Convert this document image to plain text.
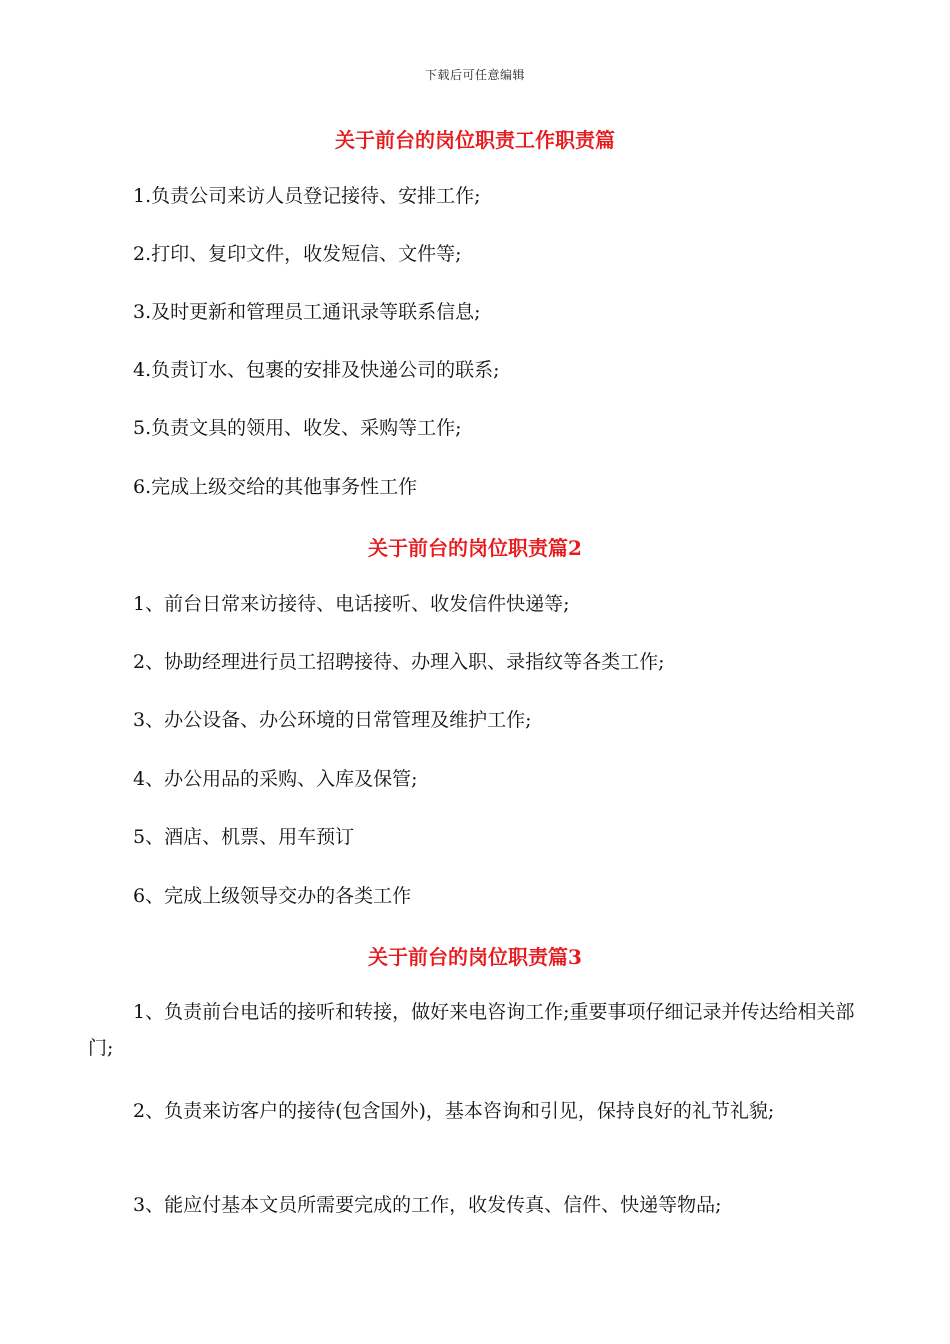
下载后可任意编辑
关于前台的岗位职责工作职责篇
1.负责公司来访人员登记接待、安排工作;
2.打印、复印文件，收发短信、文件等;
3.及时更新和管理员工通讯录等联系信息;
4.负责订水、包裹的安排及快递公司的联系;
5.负责文具的领用、收发、采购等工作;
6.完成上级交给的其他事务性工作
关于前台的岗位职责篇2
1、前台日常来访接待、电话接听、收发信件快递等;
2、协助经理进行员工招聘接待、办理入职、录指纹等各类工作;
3、办公设备、办公环境的日常管理及维护工作;
4、办公用品的采购、入库及保管;
5、酒店、机票、用车预订
6、完成上级领导交办的各类工作
关于前台的岗位职责篇3
1、负责前台电话的接听和转接，做好来电咨询工作;重要事项仔细记录并传达给相关部门;
2、负责来访客户的接待(包含国外)，基本咨询和引见，保持良好的礼节礼貌;
3、能应付基本文员所需要完成的工作，收发传真、信件、快递等物品;
